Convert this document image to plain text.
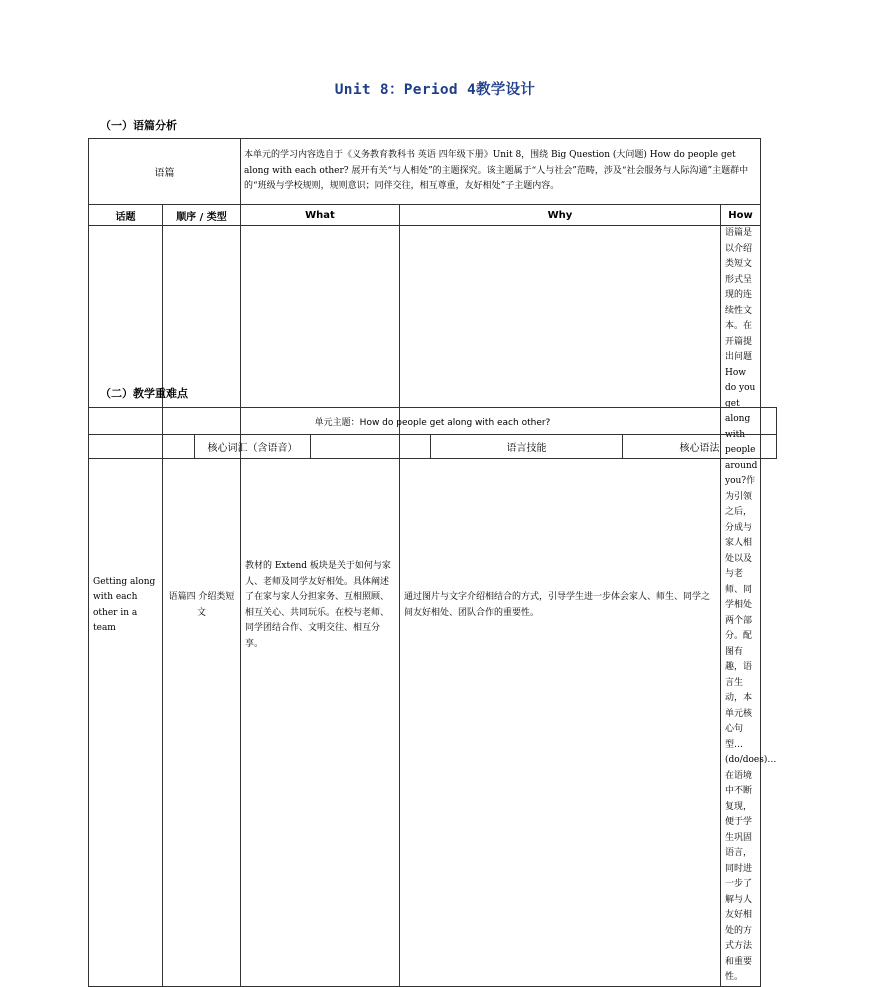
Unit 8：Period 4教学设计
（一）语篇分析
语篇		本单元的学习内容选自于《义务教育教科书 英语 四年级下册》Unit 8，围绕 Big Question (大问题) How do people get along with each other? 展开有关“与人相处”的主题探究。该主题属于“人与社会”范畴，涉及“社会服务与人际沟通”主题群中的“班级与学校规则，规则意识；同伴交往，相互尊重，友好相处”子主题内容。		
话题	顺序 / 类型	What	Why	How
Getting along with each other in a team	语篇四 介绍类短文	教材的 Extend 板块是关于如何与家人、老师及同学友好相处。具体阐述了在家与家人分担家务、互相照顾、相互关心、共同玩乐。在校与老师、同学团结合作、文明交往、相互分享。	通过图片与文字介绍相结合的方式，引导学生进一步体会家人、师生、同学之间友好相处、团队合作的重要性。	语篇是以介绍类短文形式呈现的连续性文本。在开篇提出问题 How do you get along with people around you?作为引领之后，分成与家人相处以及与老师、同学相处两个部分。配图有趣，语言生动，本单元核心句型…(do/does)…在语境中不断复现，便于学生巩固语言，同时进一步了解与人友好相处的方式方法和重要性。
（二）教学重难点
单元主题：How do people get along with each other?
	核心词汇（含语音）		语言技能	核心语法
